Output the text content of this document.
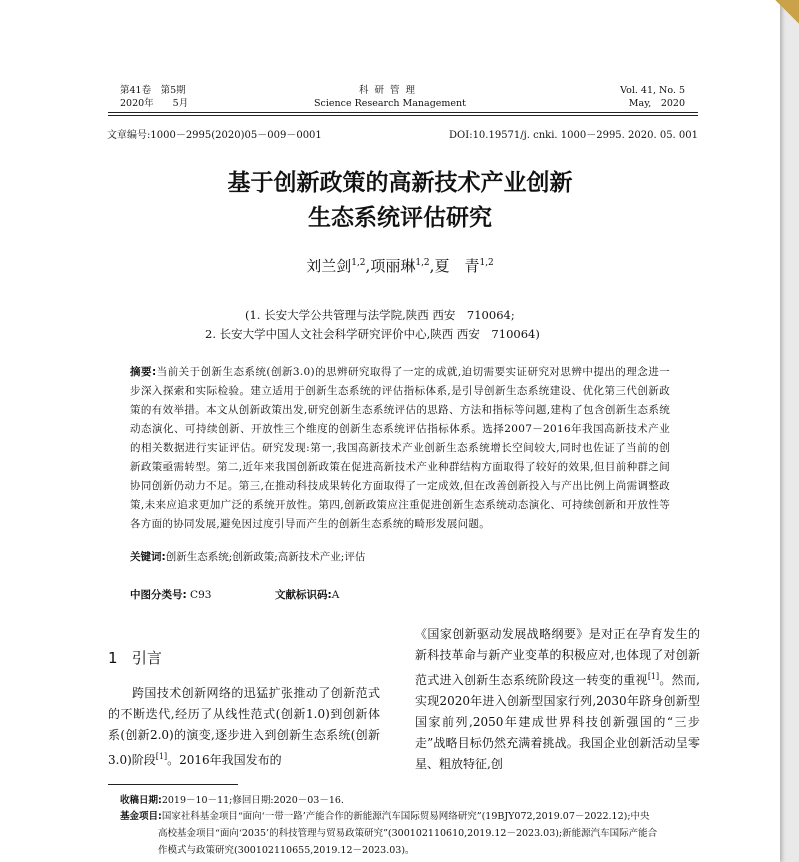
第41卷　第5期
2020年　　5月
科研管理
Science Research Management
Vol. 41, No. 5
May,　2020
文章编号:1000－2995(2020)05－009－0001	DOI:10.19571/j. cnki. 1000－2995. 2020. 05. 001
基于创新政策的高新技术产业创新
生态系统评估研究
刘兰剑$^{1,2}$,项丽琳$^{1,2}$,夏　青$^{1,2}$
(1. 长安大学公共管理与法学院,陕西 西安　710064;
2. 长安大学中国人文社会科学研究评价中心,陕西 西安　710064)
摘要:当前关于创新生态系统(创新3.0)的思辨研究取得了一定的成就,迫切需要实证研究对思辨中提出的理念进一步深入探索和实际检验。建立适用于创新生态系统的评估指标体系,是引导创新生态系统建设、优化第三代创新政策的有效举措。本文从创新政策出发,研究创新生态系统评估的思路、方法和指标等问题,建构了包含创新生态系统动态演化、可持续创新、开放性三个维度的创新生态系统评估指标体系。选择2007－2016年我国高新技术产业的相关数据进行实证评估。研究发现:第一,我国高新技术产业创新生态系统增长空间较大,同时也佐证了当前的创新政策亟需转型。第二,近年来我国创新政策在促进高新技术产业种群结构方面取得了较好的效果,但目前种群之间协同创新仍动力不足。第三,在推动科技成果转化方面取得了一定成效,但在改善创新投入与产出比例上尚需调整政策,未来应追求更加广泛的系统开放性。第四,创新政策应注重促进创新生态系统动态演化、可持续创新和开放性等各方面的协同发展,避免因过度引导而产生的创新生态系统的畸形发展问题。
关键词:创新生态系统;创新政策;高新技术产业;评估
中图分类号: C93	文献标识码:A
1 引言
跨国技术创新网络的迅猛扩张推动了创新范式的不断迭代,经历了从线性范式(创新1.0)到创新体系(创新2.0)的演变,逐步进入到创新生态系统(创新3.0)阶段[1]。2016年我国发布的
《国家创新驱动发展战略纲要》是对正在孕育发生的新科技革命与新产业变革的积极应对,也体现了对创新范式进入创新生态系统阶段这一转变的重视[1]。然而,实现2020年进入创新型国家行列,2030年跻身创新型国家前列,2050年建成世界科技创新强国的“三步走”战略目标仍然充满着挑战。我国企业创新活动呈零星、粗放特征,创
收稿日期:2019－10－11;修回日期:2020－03－16.
基金项目:国家社科基金项目“面向‘一带一路’产能合作的新能源汽车国际贸易网络研究”(19BJY072,2019.07－2022.12);中央
高校基金项目“面向‘2035’的科技管理与贸易政策研究”(300102110610,2019.12－2023.03);新能源汽车国际产能合
作模式与政策研究(300102110655,2019.12－2023.03)。
